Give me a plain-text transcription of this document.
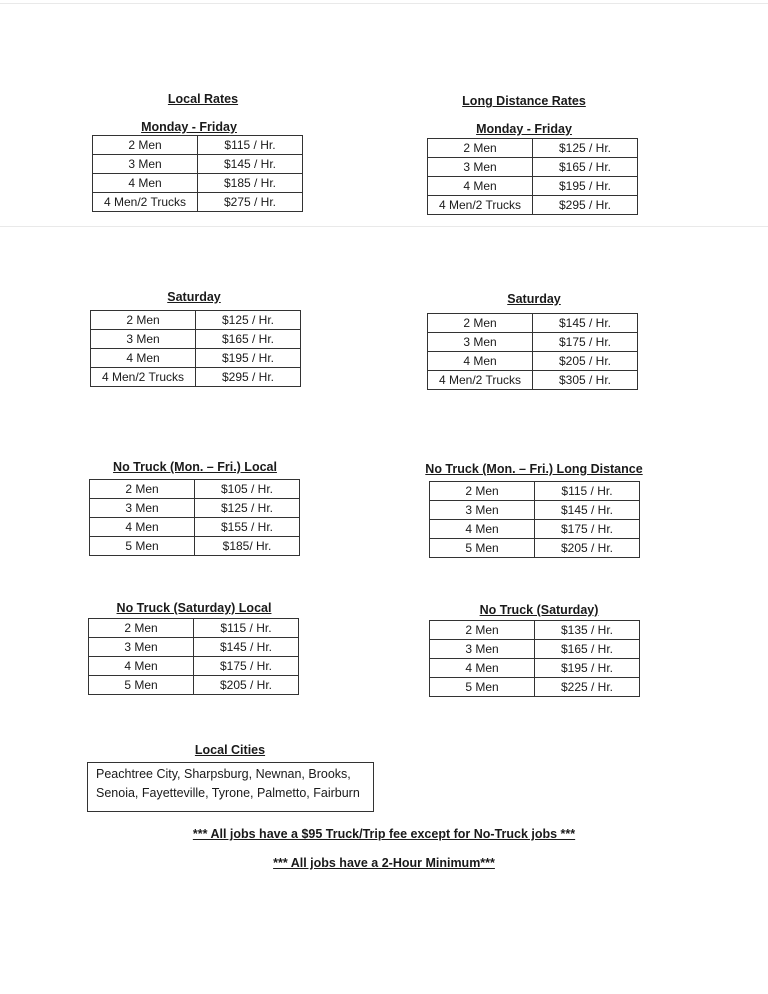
Local Rates
Monday - Friday
2 Men	$115 / Hr.
3 Men	$145 / Hr.
4 Men	$185 / Hr.
4 Men/2 Trucks	$275 / Hr.
Long Distance Rates
Monday - Friday
2 Men	$125 / Hr.
3 Men	$165 / Hr.
4 Men	$195 / Hr.
4 Men/2 Trucks	$295 / Hr.
Saturday
2 Men	$125 / Hr.
3 Men	$165 / Hr.
4 Men	$195 / Hr.
4 Men/2 Trucks	$295 / Hr.
Saturday
2 Men	$145 / Hr.
3 Men	$175 / Hr.
4 Men	$205 / Hr.
4 Men/2 Trucks	$305 / Hr.
No Truck (Mon. – Fri.) Local
2 Men	$105 / Hr.
3 Men	$125 / Hr.
4 Men	$155 / Hr.
5 Men	$185/ Hr.
No Truck (Mon. – Fri.) Long Distance
2 Men	$115 / Hr.
3 Men	$145 / Hr.
4 Men	$175 / Hr.
5 Men	$205 / Hr.
No Truck (Saturday) Local
2 Men	$115 / Hr.
3 Men	$145 / Hr.
4 Men	$175 / Hr.
5 Men	$205 / Hr.
No Truck (Saturday)
2 Men	$135 / Hr.
3 Men	$165 / Hr.
4 Men	$195 / Hr.
5 Men	$225 / Hr.
Local Cities
Peachtree City, Sharpsburg, Newnan, Brooks,
Senoia, Fayetteville, Tyrone, Palmetto, Fairburn
*** All jobs have a $95 Truck/Trip fee except for No-Truck jobs ***
*** All jobs have a 2-Hour Minimum***
